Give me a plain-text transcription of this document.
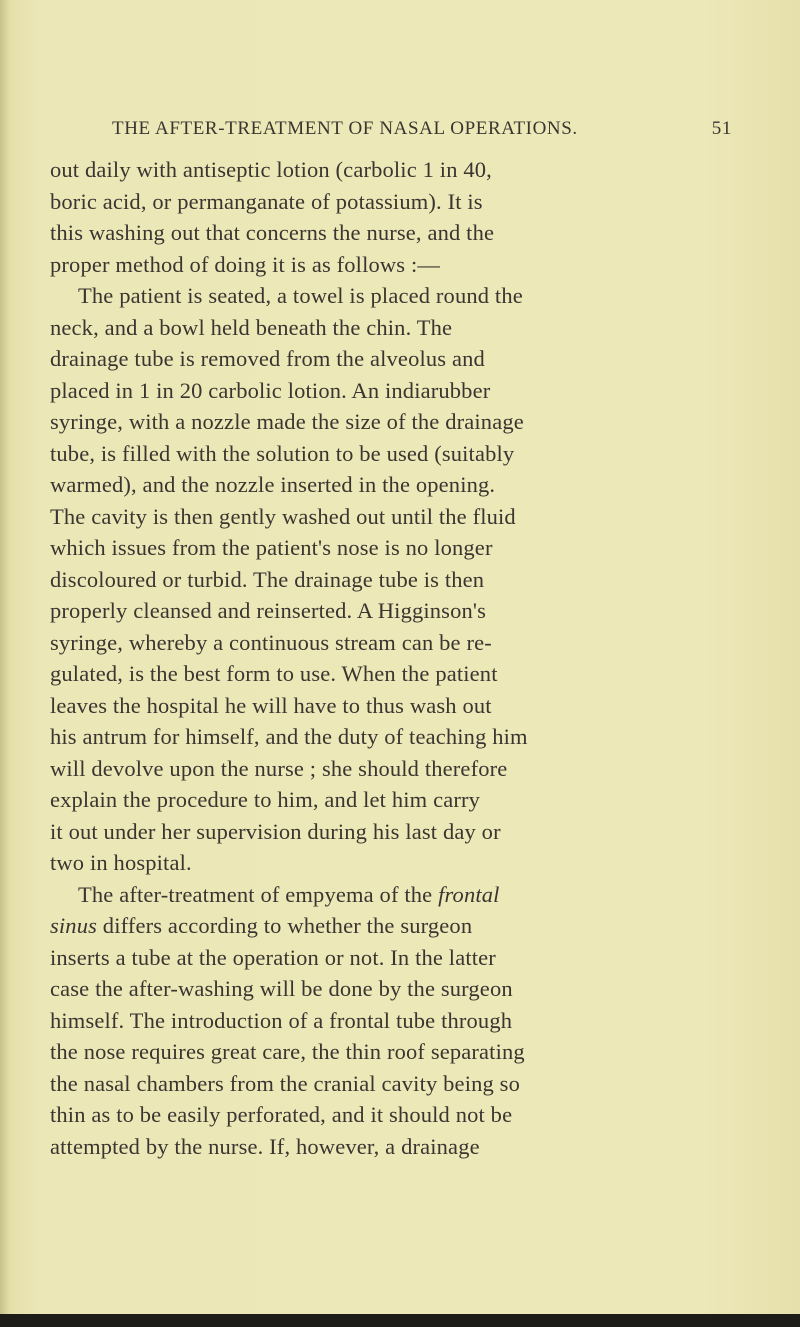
THE AFTER-TREATMENT OF NASAL OPERATIONS.	51
out daily with antiseptic lotion (carbolic 1 in 40,
boric acid, or permanganate of potassium). It is
this washing out that concerns the nurse, and the
proper method of doing it is as follows :—
The patient is seated, a towel is placed round the
neck, and a bowl held beneath the chin. The
drainage tube is removed from the alveolus and
placed in 1 in 20 carbolic lotion. An indiarubber
syringe, with a nozzle made the size of the drainage
tube, is filled with the solution to be used (suitably
warmed), and the nozzle inserted in the opening.
The cavity is then gently washed out until the fluid
which issues from the patient's nose is no longer
discoloured or turbid. The drainage tube is then
properly cleansed and reinserted. A Higginson's
syringe, whereby a continuous stream can be re-
gulated, is the best form to use. When the patient
leaves the hospital he will have to thus wash out
his antrum for himself, and the duty of teaching him
will devolve upon the nurse ; she should therefore
explain the procedure to him, and let him carry
it out under her supervision during his last day or
two in hospital.
The after-treatment of empyema of the frontal
sinus differs according to whether the surgeon
inserts a tube at the operation or not. In the latter
case the after-washing will be done by the surgeon
himself. The introduction of a frontal tube through
the nose requires great care, the thin roof separating
the nasal chambers from the cranial cavity being so
thin as to be easily perforated, and it should not be
attempted by the nurse. If, however, a drainage
